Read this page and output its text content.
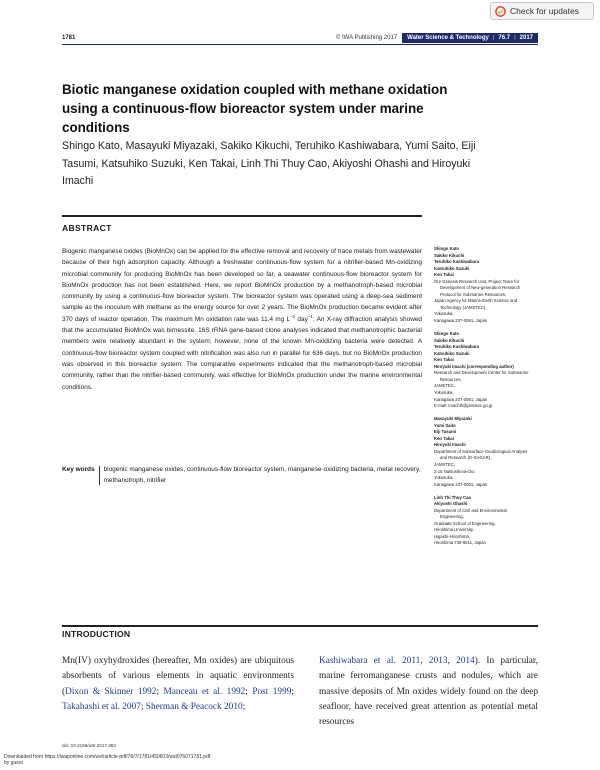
Check for updates
1781	© IWA Publishing 2017	Water Science & Technology | 76.7 | 2017
Biotic manganese oxidation coupled with methane oxidation using a continuous-flow bioreactor system under marine conditions
Shingo Kato, Masayuki Miyazaki, Sakiko Kikuchi, Teruhiko Kashiwabara, Yumi Saito, Eiji Tasumi, Katsuhiko Suzuki, Ken Takai, Linh Thi Thuy Cao, Akiyoshi Ohashi and Hiroyuki Imachi
ABSTRACT
Biogenic manganese oxides (BioMnOx) can be applied for the effective removal and recovery of trace metals from wastewater because of their high adsorption capacity. Although a freshwater continuous-flow system for a nitrifier-based Mn-oxidizing microbial community for producing BioMnOx has been developed so far, a seawater continuous-flow bioreactor system for BioMnOx production has not been established. Here, we report BioMnOx production by a methanotroph-based microbial community by using a continuous-flow bioreactor system. The bioreactor system was operated using a deep-sea sediment sample as the inoculum with methane as the energy source for over 2 years. The BioMnOx production became evident after 370 days of reactor operation. The maximum Mn oxidation rate was 11.4 mg $L^{-1}$ day$^{-1}$. An X-ray diffraction analysis showed that the accumulated BioMnOx was birnessite. 16S rRNA gene-based clone analyses indicated that methanotrophic bacterial members were relatively abundant in the system; however, none of the known Mn-oxidizing bacteria were detected. A continuous-flow bioreactor system coupled with nitrification was also run in parallel for 636 days, but no BioMnOx production was observed in this bioreactor system. The comparative experiments indicated that the methanotroph-based microbial community, rather than the nitrifier-based community, was effective for BioMnOx production under the marine environmental conditions.
Key words	biogenic manganese oxides, continuous-flow bioreactor system, manganese-oxidizing bacteria, metal recovery, methanotroph, nitrifier
Shingo Kato
Sakiko Kikuchi
Teruhiko Kashiwabara
Katsuhiko Suzuki
Ken Takai
Ore Genesis Research Unit, Project Team for
Development of New-generation Research
Protocol for Submarine Resources,
Japan Agency for Marine-Earth Science and
Technology (JAMSTEC),
Yokosuka,
Kanagawa 237-0061, Japan
Shingo Kato
Sakiko Kikuchi
Teruhiko Kashiwabara
Katsuhiko Suzuki
Ken Takai
Hiroyuki Imachi (corresponding author)
Research and Development Center for Submarine
Resources,
JAMSTEC,
Yokosuka,
Kanagawa 237-0061, Japan
E-mail: imachih@jamstec.go.jp
Masayuki Miyazaki
Yumi Saito
Eiji Tasumi
Ken Takai
Hiroyuki Imachi
Department of Subsurface Geobiological Analysis
and Research (D-SUGAR),
JAMSTEC,
2-15 Natsushima-cho,
Yokosuka,
Kanagawa 237-0061, Japan
Linh Thi Thuy Cao
Akiyoshi Ohashi
Department of Civil and Environmental
Engineering,
Graduate School of Engineering,
Hiroshima University,
Higashi-Hiroshima,
Hiroshima 739-8511, Japan
INTRODUCTION
Mn(IV) oxyhydroxides (hereafter, Mn oxides) are ubiquitous absorbents of various elements in aquatic environments (Dixon & Skinner 1992; Manceau et al. 1992; Post 1999; Takahashi et al. 2007; Sherman & Peacock 2010;
Kashiwabara et al. 2011, 2013, 2014). In particular, marine ferromanganese crusts and nodules, which are massive deposits of Mn oxides widely found on the deep seafloor, have received great attention as potential metal resources
doi: 10.2166/wst.2017.363
Downloaded from https://iwaponline.com/wst/article-pdf/76/7/1781/450603/wst076071781.pdf
by guest
